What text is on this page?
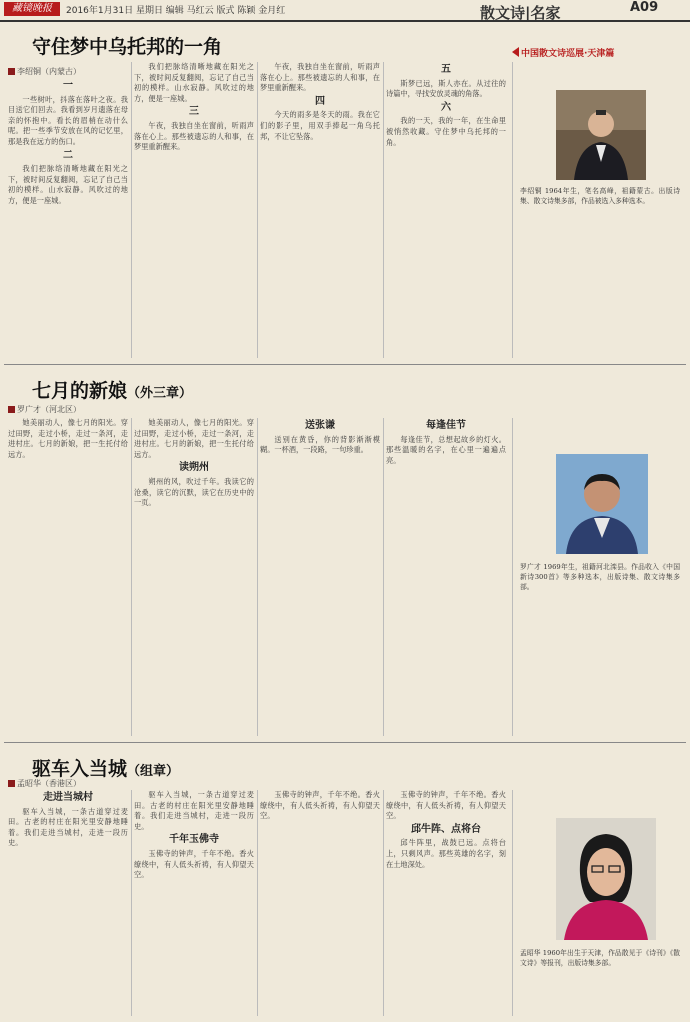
藏镜晚报	2016年1月31日 星期日 编辑 马红云 版式 陈颖 金月红	散文诗|名家	A09
守住梦中乌托邦的一角
李绍铜（内蒙古）
中国散文诗巡展·天津篇
一

一些树叶，抖落在落叶之夜。我目送它们回去。我看到岁月遗落在母亲的怀抱中。看长的眉梢在动什么呢。把一些季节安放在风的记忆里，那是我在远方的伤口。

二

我们把脉络清晰地藏在阳光之下，被时间反复翻阅，忘记了自己当初的模样。山水寂静。风吹过的地方，便是一座城。

我们把脉络清晰地藏在阳光之下，被时间反复翻阅，忘记了自己当初的模样。山水寂静。风吹过的地方，便是一座城。

三

午夜，我独自坐在窗前，听雨声落在心上。那些被遗忘的人和事，在梦里重新醒来。

午夜，我独自坐在窗前，听雨声落在心上。那些被遗忘的人和事，在梦里重新醒来。

四

今天的雨多是冬天的雨。我在它们的影子里，用双手捧起一角乌托邦，不让它坠落。

五

斯梦已远，斯人亦在。从过往的诗篇中，寻找安放灵魂的角落。

六

我的一天，我的一年，在生命里被悄然收藏。守住梦中乌托邦的一角。

李绍铜 1964年生，笔名高峰，祖籍蒙古。出版诗集、散文诗集多部，作品被选入多种选本。
七月的新娘（外三章）
罗广才（河北区）

她美丽动人，像七月的阳光。穿过田野，走过小桥，走过一条河，走进村庄。七月的新娘，把一生托付给远方。

她美丽动人，像七月的阳光。穿过田野，走过小桥，走过一条河，走进村庄。七月的新娘，把一生托付给远方。

读朔州

朔州的风，吹过千年。我读它的沧桑，读它的沉默，读它在历史中的一页。

送张谦

送别在黄昏，你的背影渐渐模糊。一杯酒，一段路，一句珍重。

每逢佳节

每逢佳节，总想起故乡的灯火。那些温暖的名字，在心里一遍遍点亮。

罗广才 1969年生，祖籍河北滦县。作品收入《中国新诗300首》等多种选本，出版诗集、散文诗集多部。
驱车入当城（组章）
孟昭华（香港区）
走进当城村

驱车入当城，一条古道穿过麦田。古老的村庄在阳光里安静地睡着。我们走进当城村，走进一段历史。

驱车入当城，一条古道穿过麦田。古老的村庄在阳光里安静地睡着。我们走进当城村，走进一段历史。

千年玉佛寺

玉佛寺的钟声，千年不绝。香火缭绕中，有人低头祈祷，有人仰望天空。

玉佛寺的钟声，千年不绝。香火缭绕中，有人低头祈祷，有人仰望天空。

玉佛寺的钟声，千年不绝。香火缭绕中，有人低头祈祷，有人仰望天空。

邱牛阵、点将台

邱牛阵里，战鼓已远。点将台上，只剩风声。那些英雄的名字，刻在土地深处。

孟昭华 1960年出生于天津，作品散见于《诗刊》《散文诗》等报刊，出版诗集多部。
